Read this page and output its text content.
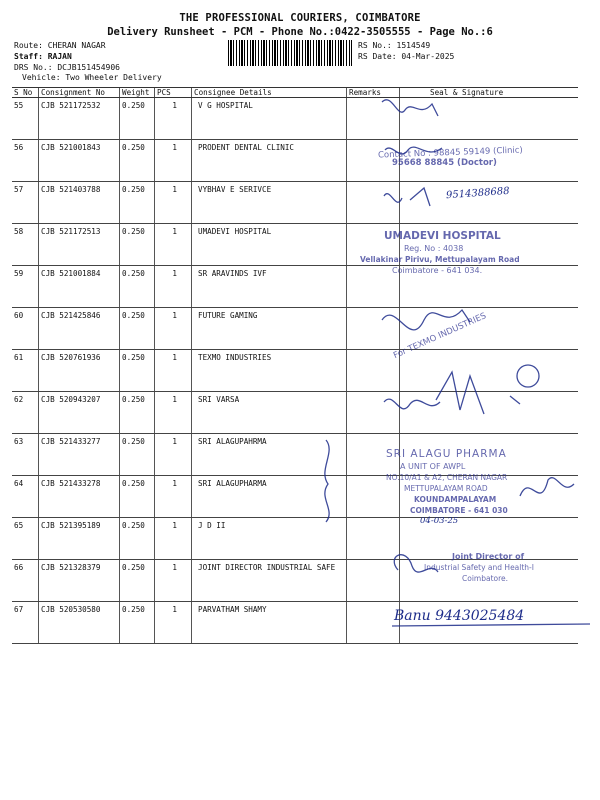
THE PROFESSIONAL COURIERS, COIMBATORE
Delivery Runsheet - PCM - Phone No.:0422-3505555 - Page No.:6
Route: CHERAN NAGAR
Staff: RAJAN
DRS No.: DCJB151454906
Vehicle: Two Wheeler Delivery
RS No.: 1514549
RS Date: 04-Mar-2025
S No	Consignment No	Weight	PCS	Consignee Details	Remarks	Seal & Signature
55	CJB 521172532	0.250	1	V G HOSPITAL		
56	CJB 521001843	0.250	1	PRODENT DENTAL CLINIC		
57	CJB 521403788	0.250	1	VYBHAV E SERIVCE		
58	CJB 521172513	0.250	1	UMADEVI HOSPITAL		
59	CJB 521001884	0.250	1	SR ARAVINDS IVF		
60	CJB 521425846	0.250	1	FUTURE GAMING		
61	CJB 520761936	0.250	1	TEXMO INDUSTRIES		
62	CJB 520943207	0.250	1	SRI VARSA		
63	CJB 521433277	0.250	1	SRI ALAGUPAHRMA		
64	CJB 521433278	0.250	1	SRI ALAGUPHARMA		
65	CJB 521395189	0.250	1	J D II		
66	CJB 521328379	0.250	1	JOINT DIRECTOR INDUSTRIAL SAFE		
67	CJB 520530580	0.250	1	PARVATHAM SHAMY		
Contact No : 98845 59149 (Clinic)
95668 88845 (Doctor)
9514388688
UMADEVI HOSPITAL
Reg. No : 4038
Vellakinar Pirivu, Mettupalayam Road
Coimbatore - 641 034.
For TEXMO INDUSTRIES
SRI ALAGU PHARMA
A UNIT OF AWPL
NO.10/A1 & A2, CHERAN NAGAR
METTUPALAYAM ROAD
KOUNDAMPALAYAM
COIMBATORE - 641 030
04-03-25
Joint Director of
Industrial Safety and Health-I
Coimbatore.
Banu 9443025484
